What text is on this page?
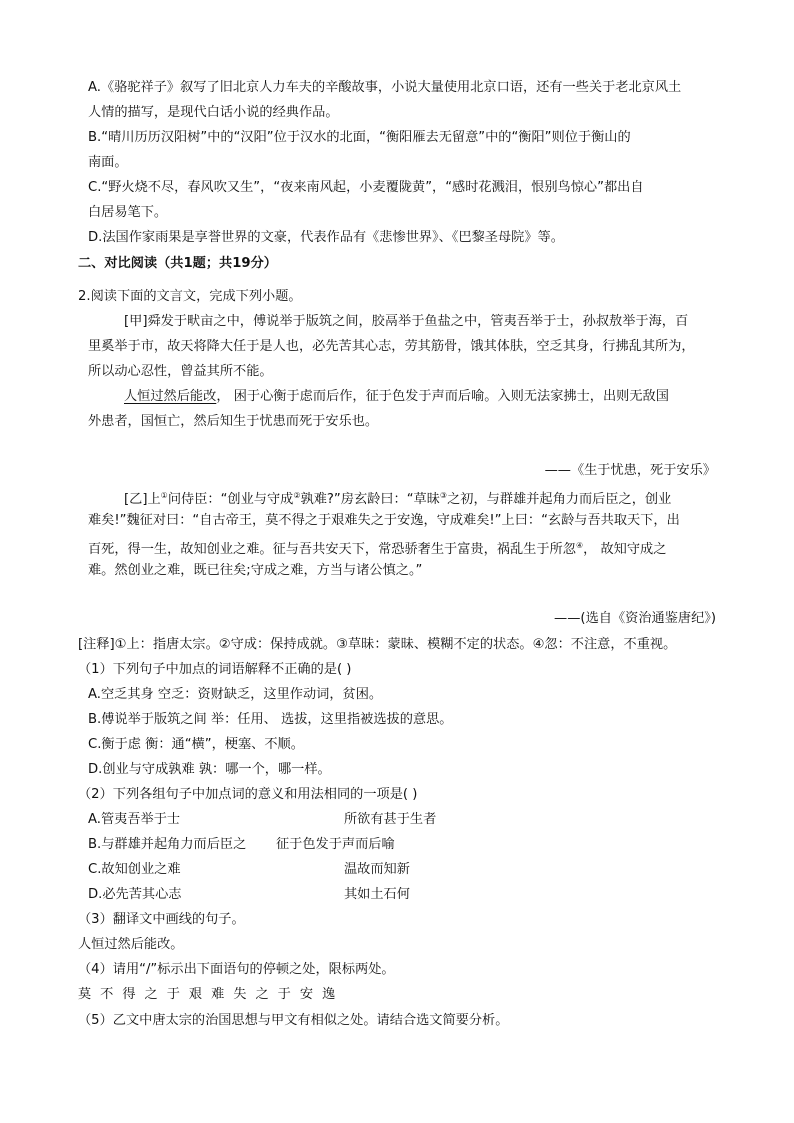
A.《骆驼祥子》叙写了旧北京人力车夫的辛酸故事，小说大量使用北京口语，还有一些关于老北京风土
人情的描写，是现代白话小说的经典作品。
B.“晴川历历汉阳树”中的“汉阳”位于汉水的北面，“衡阳雁去无留意”中的“衡阳”则位于衡山的
南面。
C.“野火烧不尽，春风吹又生”，“夜来南风起，小麦覆陇黄”，“感时花溅泪，恨别鸟惊心”都出自
白居易笔下。
D.法国作家雨果是享誉世界的文豪，代表作品有《悲惨世界》、《巴黎圣母院》等。
二、对比阅读（共1题；共19分）
2.阅读下面的文言文，完成下列小题。
[甲]舜发于畎亩之中，傅说举于版筑之间，胶鬲举于鱼盐之中，管夷吾举于士，孙叔敖举于海，百
里奚举于市，故天将降大任于是人也，必先苦其心志，劳其筋骨，饿其体肤，空乏其身，行拂乱其所为，
所以动心忍性，曾益其所不能。
人恒过然后能改， 困于心衡于虑而后作，征于色发于声而后喻。入则无法家拂士，出则无敌国
外患者，国恒亡，然后知生于忧患而死于安乐也。
——《生于忧患，死于安乐》
[乙]上①问侍臣：“创业与守成②孰难?”房玄龄曰：“草昧③之初，与群雄并起角力而后臣之，创业
难矣!”魏征对曰：“自古帝王，莫不得之于艰难失之于安逸，守成难矣!”上曰：“玄龄与吾共取天下，出
百死，得一生，故知创业之难。征与吾共安天下，常恐骄奢生于富贵，祸乱生于所忽④， 故知守成之
难。然创业之难，既已往矣;守成之难，方当与诸公慎之。”
——(选自《资治通鉴唐纪》)
[注释]①上：指唐太宗。②守成：保持成就。③草昧：蒙昧、模糊不定的状态。④忽：不注意，不重视。
（1）下列句子中加点的词语解释不正确的是( )
A.空乏其身 空乏：资财缺乏，这里作动词，贫困。
B.傅说举于版筑之间 举：任用、 选拔，这里指被选拔的意思。
C.衡于虑 衡：通“横”，梗塞、不顺。
D.创业与守成孰难 孰：哪一个，哪一样。
（2）下列各组句子中加点词的意义和用法相同的一项是( )
A.管夷吾举于士	所欲有甚于生者
B.与群雄并起角力而后臣之 征于色发于声而后喻
C.故知创业之难	温故而知新
D.必先苦其心志	其如土石何
（3）翻译文中画线的句子。
人恒过然后能改。
（4）请用“/”标示出下面语句的停顿之处，限标两处。
莫不得之于艰难失之于安逸
（5）乙文中唐太宗的治国思想与甲文有相似之处。请结合选文简要分析。
